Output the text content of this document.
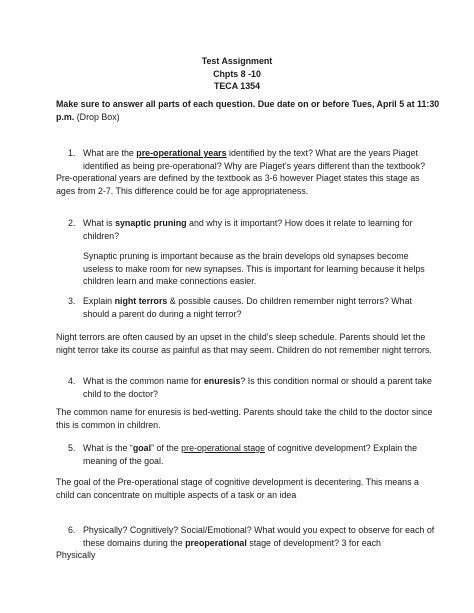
Test Assignment
Chpts 8 -10
TECA 1354
Make sure to answer all parts of each question. Due date on or before Tues, April 5 at 11:30 p.m. (Drop Box)
1. What are the pre-operational years identified by the text? What are the years Piaget identified as being pre-operational? Why are Piaget’s years different than the textbook?
Pre-operational years are defined by the textbook as 3-6 however Piaget states this stage as ages from 2-7. This difference could be for age appropriateness.
2. What is synaptic pruning and why is it important? How does it relate to learning for children?
Synaptic pruning is important because as the brain develops old synapses become useless to make room for new synapses. This is important for learning because it helps children learn and make connections easier.
3. Explain night terrors & possible causes. Do children remember night terrors? What should a parent do during a night terror?
Night terrors are often caused by an upset in the child’s sleep schedule. Parents should let the night terror take its course as painful as that may seem. Children do not remember night terrors.
4. What is the common name for enuresis? Is this condition normal or should a parent take child to the doctor?
The common name for enuresis is bed-wetting. Parents should take the child to the doctor since this is common in children.
5. What is the “goal” of the pre-operational stage of cognitive development? Explain the meaning of the goal.
The goal of the Pre-operational stage of cognitive development is decentering. This means a child can concentrate on multiple aspects of a task or an idea
6. Physically? Cognitively? Social/Emotional? What would you expect to observe for each of these domains during the preoperational stage of development? 3 for each
Physically
